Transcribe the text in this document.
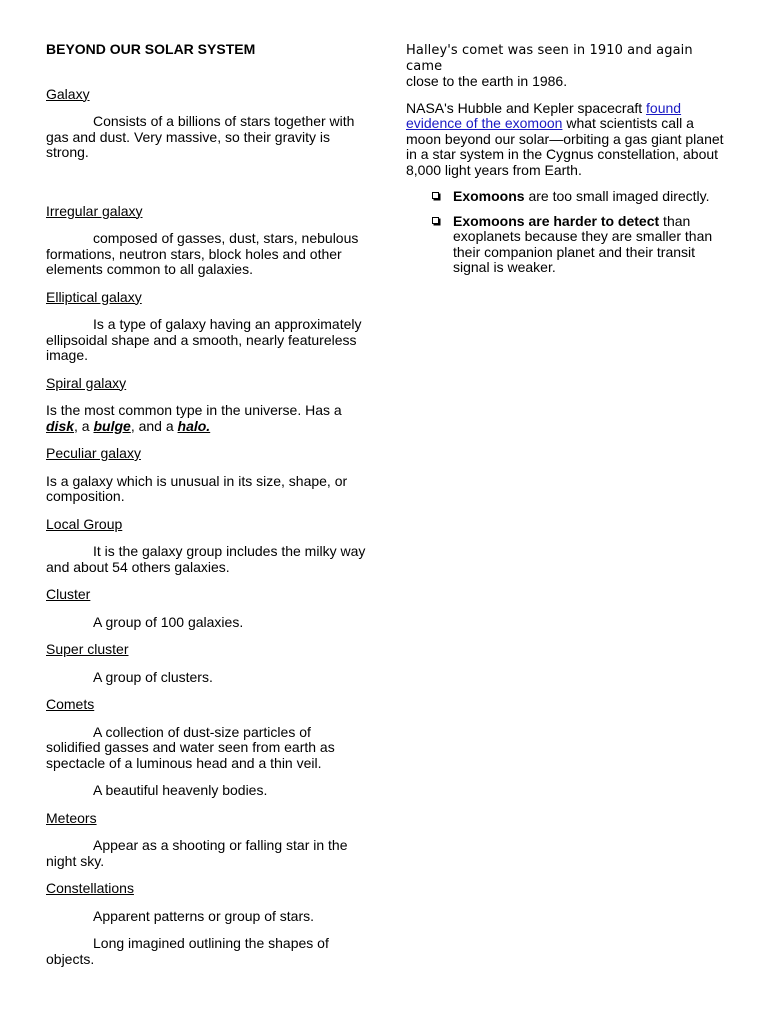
BEYOND OUR SOLAR SYSTEM
Galaxy
Consists of a billions of stars together with gas and dust. Very massive, so their gravity is strong.
Irregular galaxy
composed of gasses, dust, stars, nebulous formations, neutron stars, block holes and other elements common to all galaxies.
Elliptical galaxy
Is a type of galaxy having an approximately ellipsoidal shape and a smooth, nearly featureless image.
Spiral galaxy
Is the most common type in the universe. Has a disk, a bulge, and a halo.
Peculiar galaxy
Is a galaxy which is unusual in its size, shape, or composition.
Local Group
It is the galaxy group includes the milky way and about 54 others galaxies.
Cluster
A group of 100 galaxies.
Super cluster
A group of clusters.
Comets
A collection of dust-size particles of solidified gasses and water seen from earth as spectacle of a luminous head and a thin veil.
A beautiful heavenly bodies.
Meteors
Appear as a shooting or falling star in the night sky.
Constellations
Apparent patterns or group of stars.
Long imagined outlining the shapes of objects.
Halley's comet was seen in 1910 and again came
close to the earth in 1986.
NASA's Hubble and Kepler spacecraft found evidence of the exomoon what scientists call a moon beyond our solar—orbiting a gas giant planet in a star system in the Cygnus constellation, about 8,000 light years from Earth.
Exomoons are too small imaged directly.
Exomoons are harder to detect than exoplanets because they are smaller than their companion planet and their transit signal is weaker.
